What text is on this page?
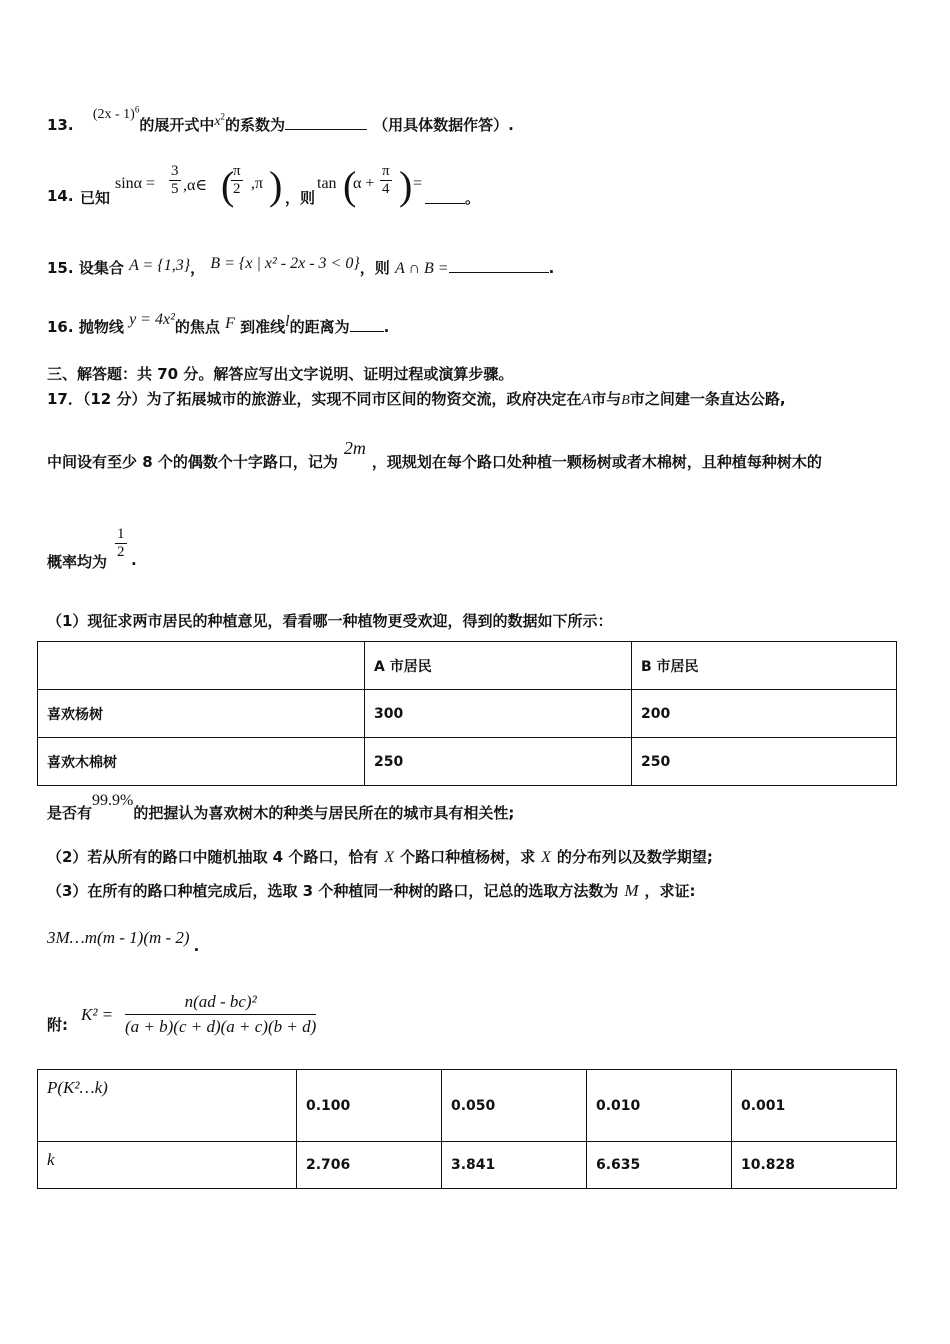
13. (2x - 1)$^6$的展开式中$x^2$的系数为	（用具体数据作答）.
14. 已知
$\sin\alpha = \frac{3}{5}$ ,α∈ (
$\frac{\pi}{2} ,\pi$ ) ，则
tan (
$\alpha + \frac{\pi}{4}$ ) =
。
15. 设集合 A = {1,3}， B = {x | x² - 2x - 3 < 0}，则 A ∩ B =	.
16. 抛物线 y = 4x²的焦点 F 到准线l的距离为 .
三、解答题：共 70 分。解答应写出文字说明、证明过程或演算步骤。
17．（12 分）为了拓展城市的旅游业，实现不同市区间的物资交流，政府决定在A市与B市之间建一条直达公路,
中间设有至少 8 个的偶数个十字路口，记为2m，现规划在每个路口处种植一颗杨树或者木棉树，且种植每种树木的
概率均为
$\frac{1}{2}$ .
（1）现征求两市居民的种植意见，看看哪一种植物更受欢迎，得到的数据如下所示：
	A 市居民	B 市居民
喜欢杨树	300	200
喜欢木棉树	250	250
是否有99.9%的把握认为喜欢树木的种类与居民所在的城市具有相关性;
（2）若从所有的路口中随机抽取 4 个路口，恰有 X 个路口种植杨树，求 X 的分布列以及数学期望;
（3）在所有的路口种植完成后，选取 3 个种植同一种树的路口，记总的选取方法数为 M ，求证:
3M…m(m - 1)(m - 2) .
附:
$K^2 = \frac{\text{n(ad - bc)²}}{(a + b)(c + d)(a + c)(b + d)}$
P(K²…k)	0.100	0.050	0.010	0.001
k	2.706	3.841	6.635	10.828
